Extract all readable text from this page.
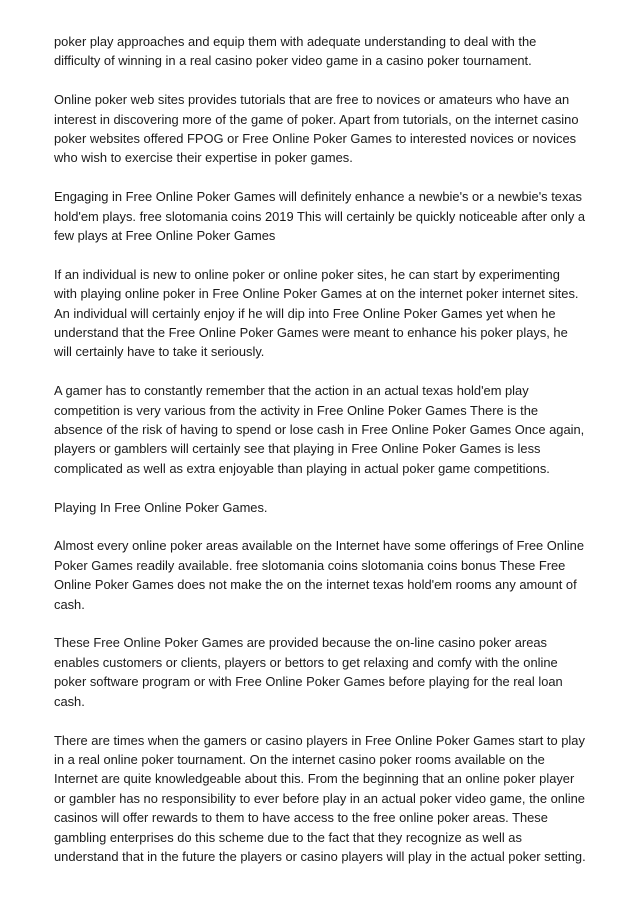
poker play approaches and equip them with adequate understanding to deal with the
difficulty of winning in a real casino poker video game in a casino poker tournament.

Online poker web sites provides tutorials that are free to novices or amateurs who have an
interest in discovering more of the game of poker. Apart from tutorials, on the internet casino
poker websites offered FPOG or Free Online Poker Games to interested novices or novices
who wish to exercise their expertise in poker games.

Engaging in Free Online Poker Games will definitely enhance a newbie's or a newbie's texas
hold'em plays. free slotomania coins 2019 This will certainly be quickly noticeable after only a
few plays at Free Online Poker Games

If an individual is new to online poker or online poker sites, he can start by experimenting
with playing online poker in Free Online Poker Games at on the internet poker internet sites.
An individual will certainly enjoy if he will dip into Free Online Poker Games yet when he
understand that the Free Online Poker Games were meant to enhance his poker plays, he
will certainly have to take it seriously.

A gamer has to constantly remember that the action in an actual texas hold'em play
competition is very various from the activity in Free Online Poker Games There is the
absence of the risk of having to spend or lose cash in Free Online Poker Games Once again,
players or gamblers will certainly see that playing in Free Online Poker Games is less
complicated as well as extra enjoyable than playing in actual poker game competitions.

Playing In Free Online Poker Games.

Almost every online poker areas available on the Internet have some offerings of Free Online
Poker Games readily available. free slotomania coins slotomania coins bonus These Free
Online Poker Games does not make the on the internet texas hold'em rooms any amount of
cash.

These Free Online Poker Games are provided because the on-line casino poker areas
enables customers or clients, players or bettors to get relaxing and comfy with the online
poker software program or with Free Online Poker Games before playing for the real loan
cash.

There are times when the gamers or casino players in Free Online Poker Games start to play
in a real online poker tournament. On the internet casino poker rooms available on the
Internet are quite knowledgeable about this. From the beginning that an online poker player
or gambler has no responsibility to ever before play in an actual poker video game, the online
casinos will offer rewards to them to have access to the free online poker areas. These
gambling enterprises do this scheme due to the fact that they recognize as well as
understand that in the future the players or casino players will play in the actual poker setting.
